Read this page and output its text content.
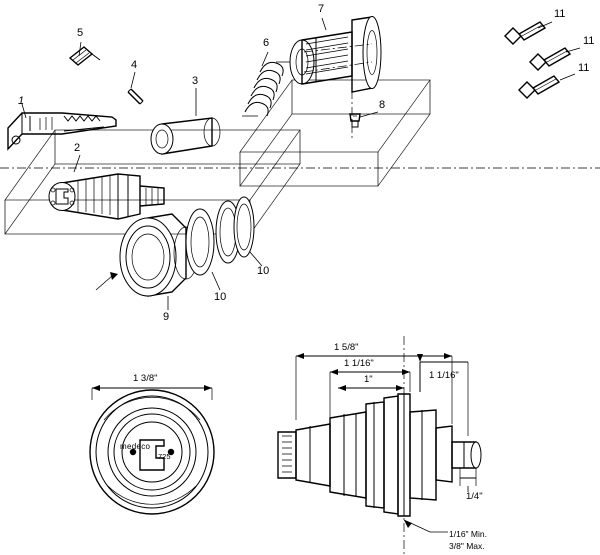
1
2
3
4
5
6
7
8
9
10
10
11
11
11
1 3/8"
1 5/8"
1 1/16"
1"	1 1/16"
1/4"
1/16" Min.
3/8" Max.
medeco
725
